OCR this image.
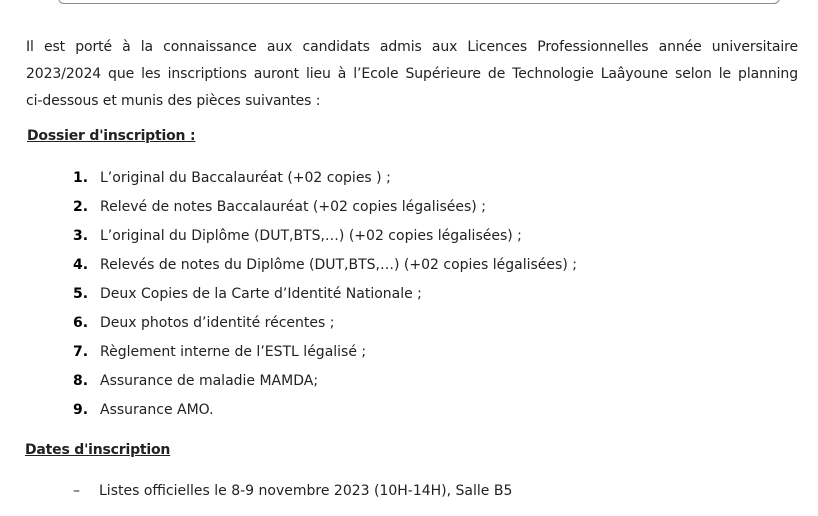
Il est porté à la connaissance aux candidats admis aux Licences Professionnelles année universitaire
2023/2024 que les inscriptions auront lieu à l’Ecole Supérieure de Technologie Laâyoune selon le planning
ci-dessous et munis des pièces suivantes :
Dossier d'inscription :
1. L’original du Baccalauréat (+02 copies ) ;
2. Relevé de notes Baccalauréat (+02 copies légalisées) ;
3. L’original du Diplôme (DUT,BTS,…) (+02 copies légalisées) ;
4. Relevés de notes du Diplôme (DUT,BTS,…) (+02 copies légalisées) ;
5. Deux Copies de la Carte d’Identité Nationale ;
6. Deux photos d’identité récentes ;
7. Règlement interne de l’ESTL légalisé ;
8. Assurance de maladie MAMDA;
9. Assurance AMO.
Dates d'inscription
– Listes officielles le 8-9 novembre 2023 (10H-14H), Salle B5
